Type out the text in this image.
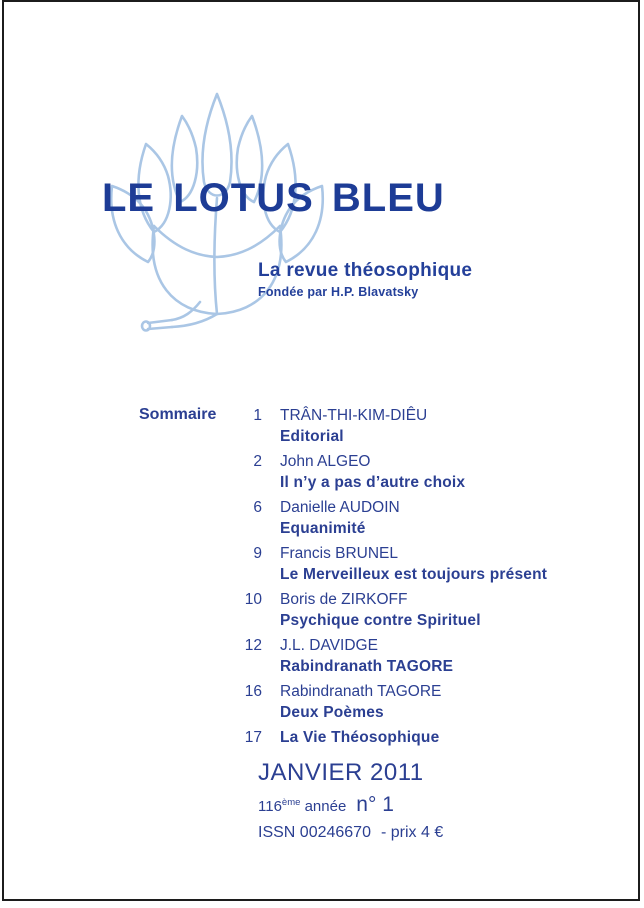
LE LOTUS BLEU
La revue théosophique
Fondée par H.P. Blavatsky
Sommaire	1 TRÂN-THI-KIM-DIÊU
Editorial
2 John ALGEO
Il n’y a pas d’autre choix
6 Danielle AUDOIN
Equanimité
9 Francis BRUNEL
Le Merveilleux est toujours présent
10 Boris de ZIRKOFF
Psychique contre Spirituel
12 J.L. DAVIDGE
Rabindranath TAGORE
16 Rabindranath TAGORE
Deux Poèmes
17 La Vie Théosophique
JANVIER 2011
116ème année n° 1
ISSN 00246670 - prix 4 €
